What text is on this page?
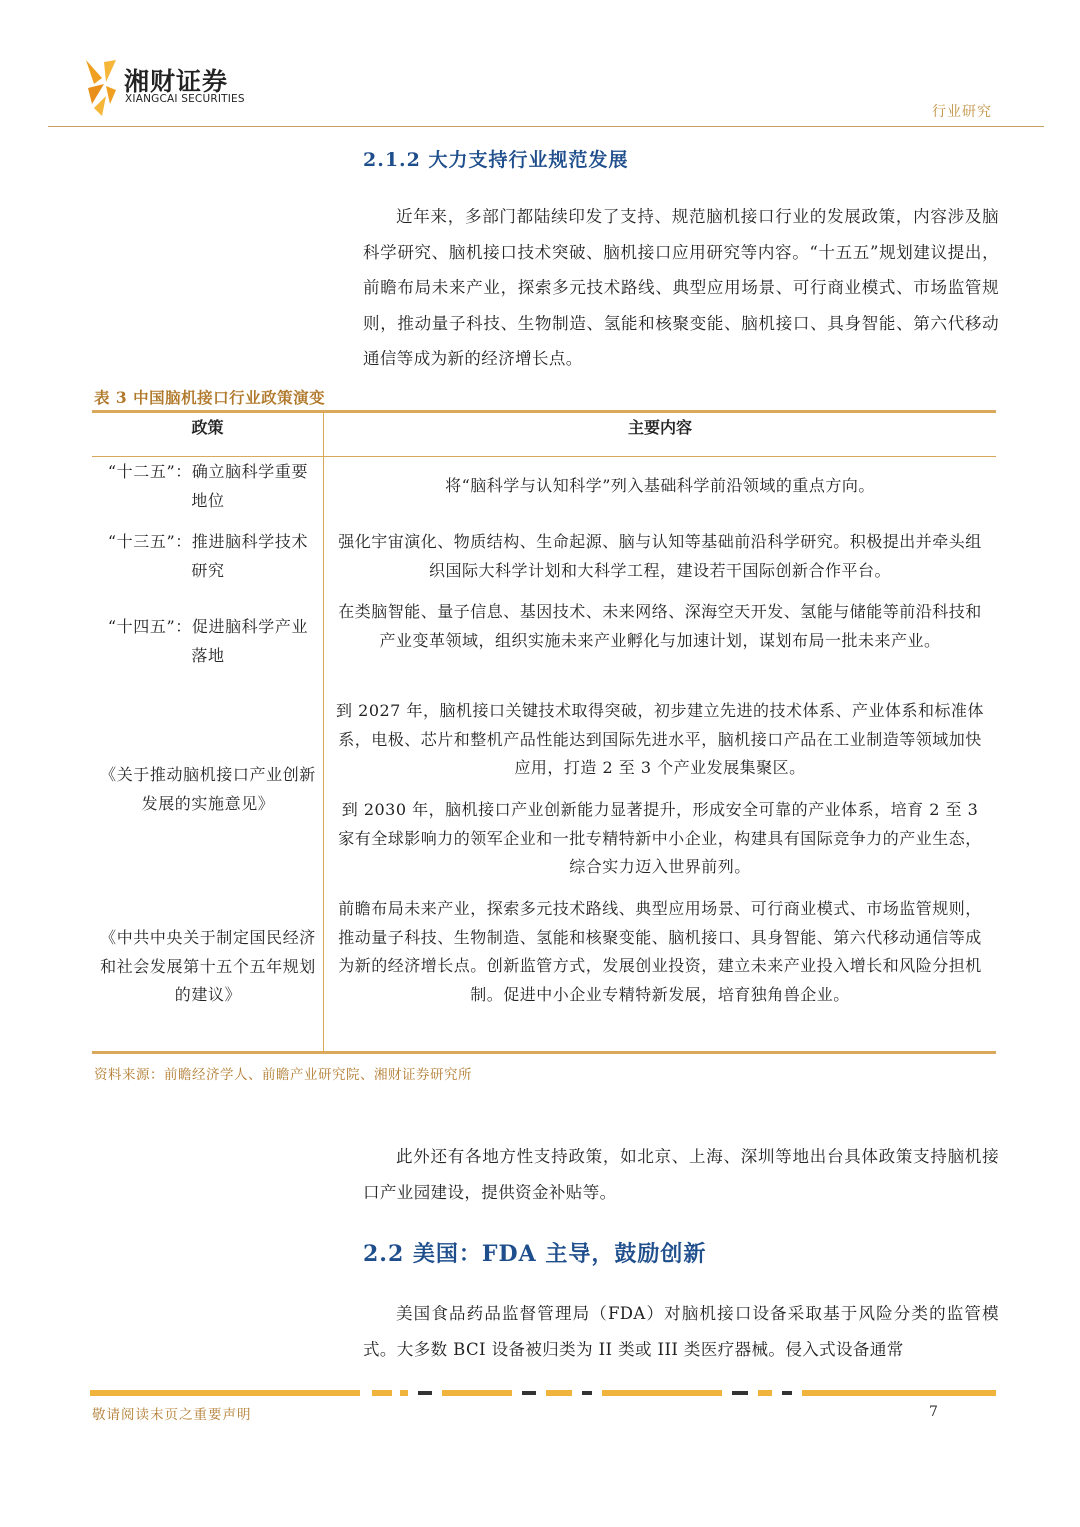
湘财证券
XIANGCAI SECURITIES
行业研究
2.1.2 大力支持行业规范发展

近年来，多部门都陆续印发了支持、规范脑机接口行业的发展政策，内容涉及脑科学研究、脑机接口技术突破、脑机接口应用研究等内容。“十五五”规划建议提出，前瞻布局未来产业，探索多元技术路线、典型应用场景、可行商业模式、市场监管规则，推动量子科技、生物制造、氢能和核聚变能、脑机接口、具身智能、第六代移动通信等成为新的经济增长点。

表 3 中国脑机接口行业政策演变
政策	主要内容
“十二五”：确立脑科学重要地位
将“脑科学与认知科学”列入基础科学前沿领域的重点方向。
“十三五”：推进脑科学技术研究
强化宇宙演化、物质结构、生命起源、脑与认知等基础前沿科学研究。积极提出并牵头组织国际大科学计划和大科学工程，建设若干国际创新合作平台。
“十四五”：促进脑科学产业落地
在类脑智能、量子信息、基因技术、未来网络、深海空天开发、氢能与储能等前沿科技和产业变革领域，组织实施未来产业孵化与加速计划，谋划布局一批未来产业。
《关于推动脑机接口产业创新发展的实施意见》
到 2027 年，脑机接口关键技术取得突破，初步建立先进的技术体系、产业体系和标准体系，电极、芯片和整机产品性能达到国际先进水平，脑机接口产品在工业制造等领域加快应用，打造 2 至 3 个产业发展集聚区。
到 2030 年，脑机接口产业创新能力显著提升，形成安全可靠的产业体系，培育 2 至 3 家有全球影响力的领军企业和一批专精特新中小企业，构建具有国际竞争力的产业生态，综合实力迈入世界前列。
《中共中央关于制定国民经济和社会发展第十五个五年规划的建议》
前瞻布局未来产业，探索多元技术路线、典型应用场景、可行商业模式、市场监管规则，推动量子科技、生物制造、氢能和核聚变能、脑机接口、具身智能、第六代移动通信等成为新的经济增长点。创新监管方式，发展创业投资，建立未来产业投入增长和风险分担机制。促进中小企业专精特新发展，培育独角兽企业。
资料来源：前瞻经济学人、前瞻产业研究院、湘财证券研究所

此外还有各地方性支持政策，如北京、上海、深圳等地出台具体政策支持脑机接口产业园建设，提供资金补贴等。

2.2 美国：FDA 主导，鼓励创新

美国食品药品监督管理局（FDA）对脑机接口设备采取基于风险分类的监管模式。大多数 BCI 设备被归类为 II 类或 III 类医疗器械。侵入式设备通常

敬请阅读末页之重要声明	7
